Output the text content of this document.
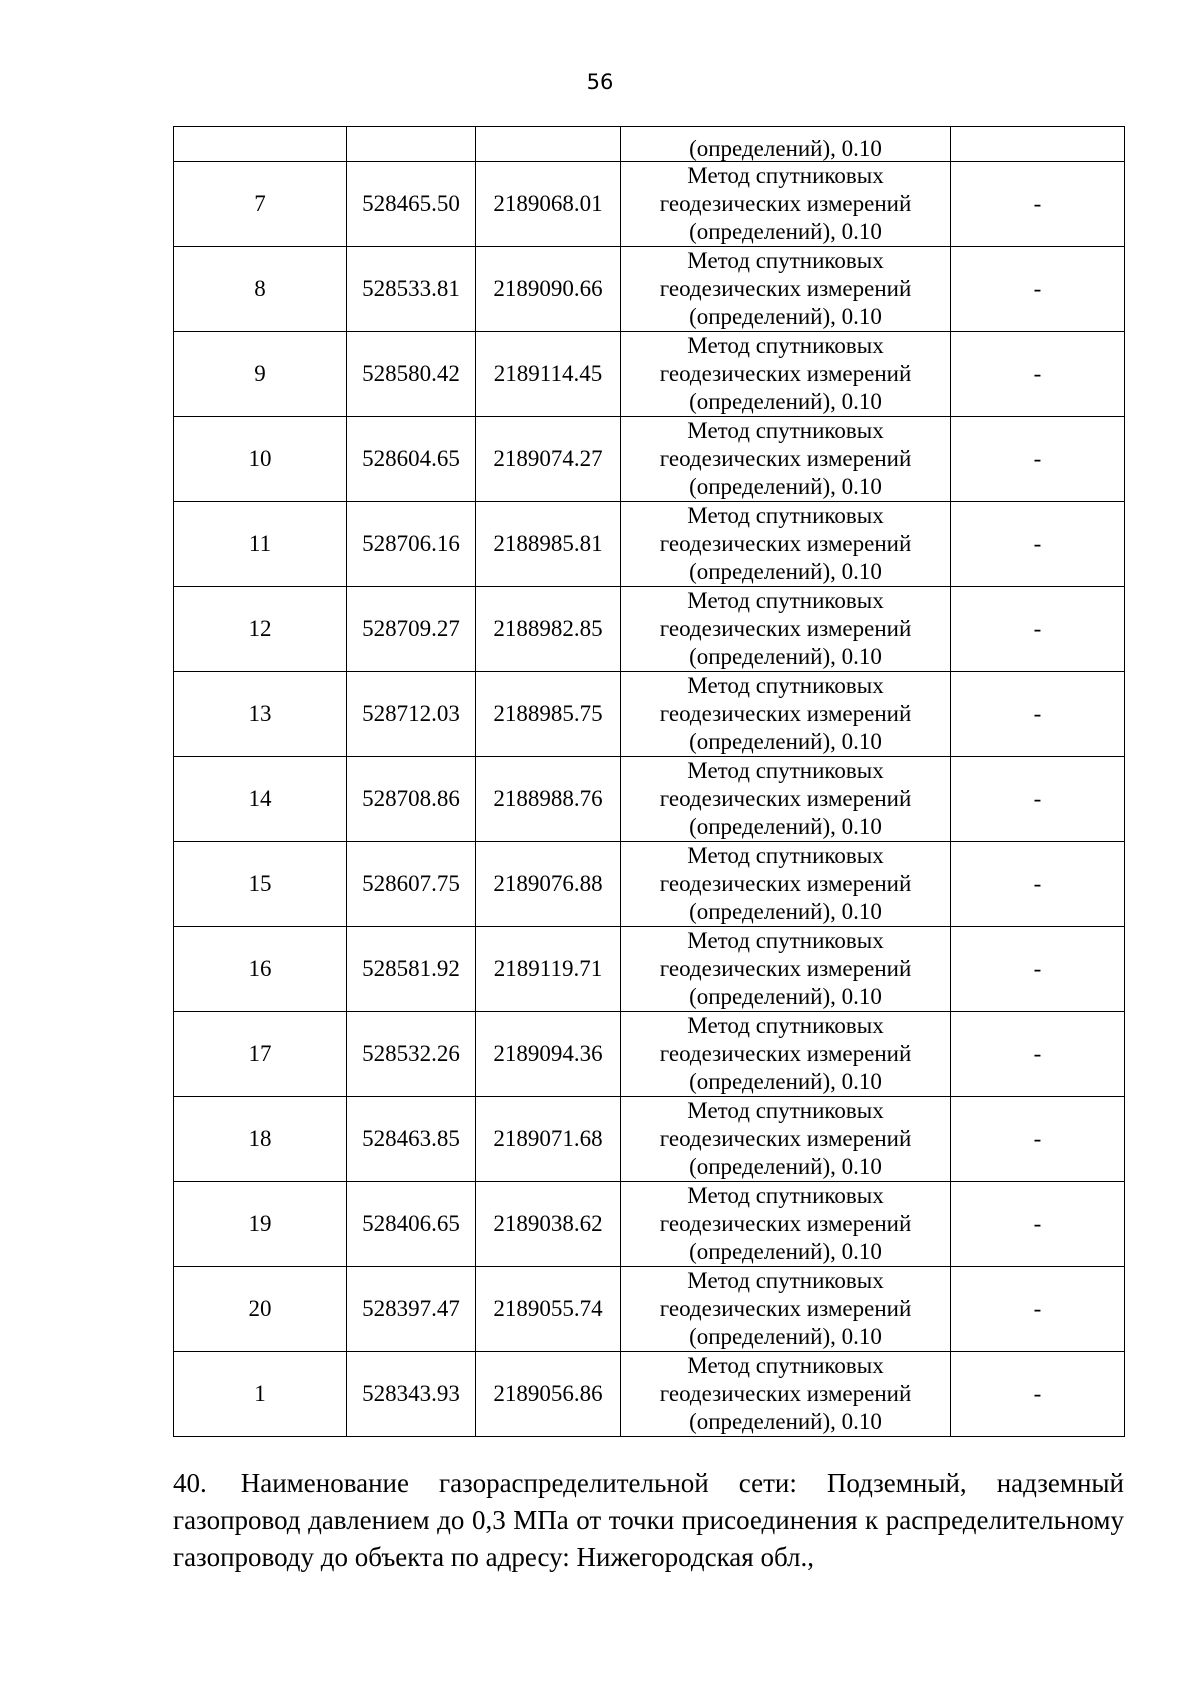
56
			(определений), 0.10	
7	528465.50	2189068.01	Метод спутниковых
геодезических измерений
(определений), 0.10	-
8	528533.81	2189090.66	Метод спутниковых
геодезических измерений
(определений), 0.10	-
9	528580.42	2189114.45	Метод спутниковых
геодезических измерений
(определений), 0.10	-
10	528604.65	2189074.27	Метод спутниковых
геодезических измерений
(определений), 0.10	-
11	528706.16	2188985.81	Метод спутниковых
геодезических измерений
(определений), 0.10	-
12	528709.27	2188982.85	Метод спутниковых
геодезических измерений
(определений), 0.10	-
13	528712.03	2188985.75	Метод спутниковых
геодезических измерений
(определений), 0.10	-
14	528708.86	2188988.76	Метод спутниковых
геодезических измерений
(определений), 0.10	-
15	528607.75	2189076.88	Метод спутниковых
геодезических измерений
(определений), 0.10	-
16	528581.92	2189119.71	Метод спутниковых
геодезических измерений
(определений), 0.10	-
17	528532.26	2189094.36	Метод спутниковых
геодезических измерений
(определений), 0.10	-
18	528463.85	2189071.68	Метод спутниковых
геодезических измерений
(определений), 0.10	-
19	528406.65	2189038.62	Метод спутниковых
геодезических измерений
(определений), 0.10	-
20	528397.47	2189055.74	Метод спутниковых
геодезических измерений
(определений), 0.10	-
1	528343.93	2189056.86	Метод спутниковых
геодезических измерений
(определений), 0.10	-
40. Наименование газораспределительной сети: Подземный, надземный газопровод давлением до 0,3 МПа от точки присоединения к распределительному газопроводу до объекта по адресу: Нижегородская обл.,
